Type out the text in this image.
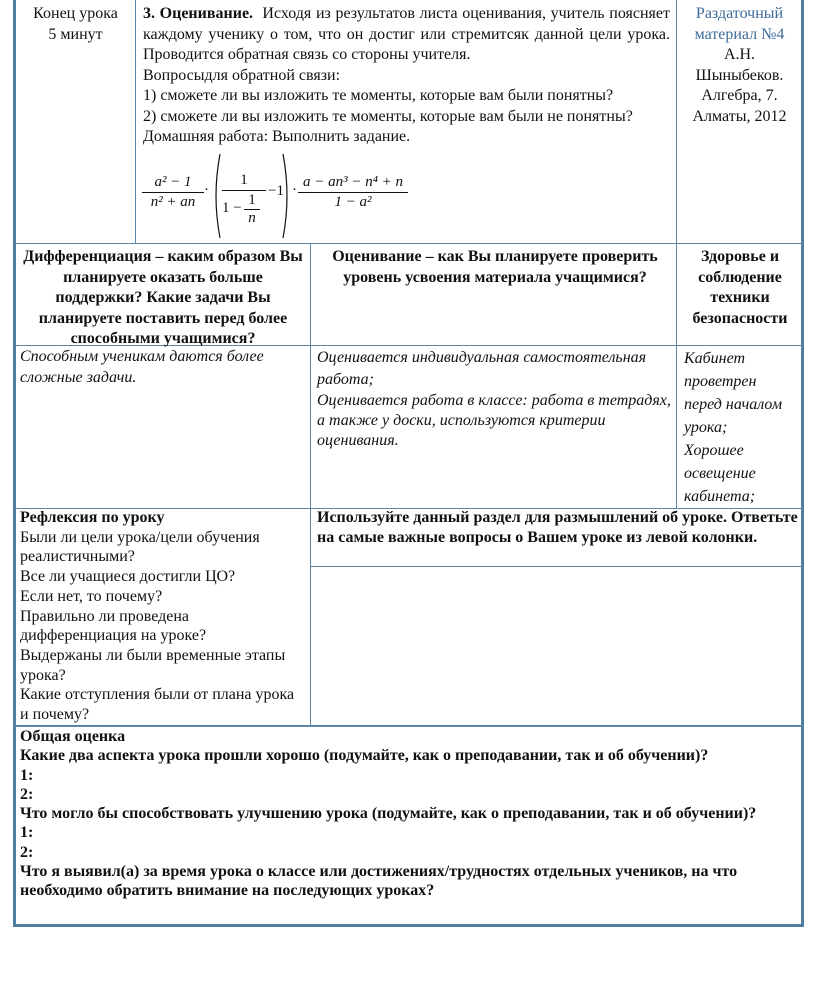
Конец урока
5 минут

3. Оценивание. Исходя из результатов листа оценивания, учитель поясняет каждому ученику о том, что он достиг или стремитсяк данной цели урока. Проводится обратная связь со стороны учителя.

Вопросыдля обратной связи:

1) сможете ли вы изложить те моменты, которые вам были понятны?

2) сможете ли вы изложить те моменты, которые вам были не понятны?

Домашняя работа: Выполнить задание.

a² − 1
n² + an
·
1
1 − 1
n
−1 · a − an³ − n⁴ + n
1 − a²
Раздаточный
материал №4
А.Н.
Шыныбеков.
Алгебра, 7.
Алматы, 2012
Дифференциация – каким образом Вы планируете оказать больше поддержки? Какие задачи Вы планируете поставить перед более способными учащимися?
Оценивание – как Вы планируете проверить уровень усвоения материала учащимися?
Здоровье и соблюдение техники безопасности
Способным ученикам даются более сложные задачи.
Оценивается индивидуальная самостоятельная работа;
Оценивается работа в классе: работа в тетрадях, а также у доски, используются критерии оценивания.
Кабинет
проветрен
перед началом
урока;
Хорошее
освещение
кабинета;
Рефлексия по уроку
Были ли цели урока/цели обучения реалистичными?
Все ли учащиеся достигли ЦО?
Если нет, то почему?
Правильно ли проведена дифференциация на уроке?
Выдержаны ли были временные этапы урока?
Какие отступления были от плана урока и почему?
Используйте данный раздел для размышлений об уроке. Ответьте на самые важные вопросы о Вашем уроке из левой колонки.
Общая оценка
Какие два аспекта урока прошли хорошо (подумайте, как о преподавании, так и об обучении)?
1:
2:
Что могло бы способствовать улучшению урока (подумайте, как о преподавании, так и об обучении)?
1:
2:
Что я выявил(а) за время урока о классе или достижениях/трудностях отдельных учеников, на что необходимо обратить внимание на последующих уроках?
